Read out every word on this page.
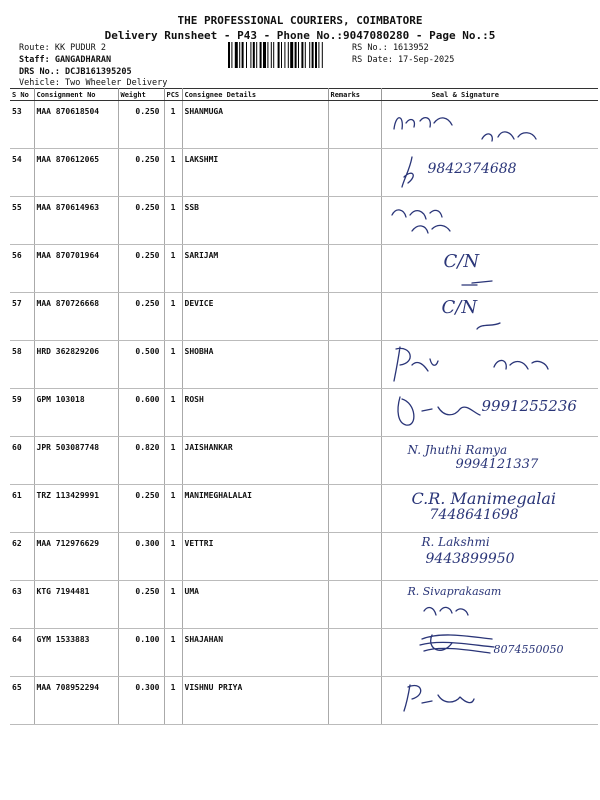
THE PROFESSIONAL COURIERS, COIMBATORE
Delivery Runsheet - P43 - Phone No.:9047080280 - Page No.:5
Route: KK PUDUR 2
Staff: GANGADHARAN
DRS No.: DCJB161395205
Vehicle: Two Wheeler Delivery
RS No.: 1613952
RS Date: 17-Sep-2025
S No	Consignment No	Weight	PCS	Consignee Details	Remarks	Seal & Signature
53	MAA 870618504	0.250	1	SHANMUGA		

54	MAA 870612065	0.250	1	LAKSHMI		9842374688

55	MAA 870614963	0.250	1	SSB		

56	MAA 870701964	0.250	1	SARIJAM		C/N

57	MAA 870726668	0.250	1	DEVICE		C/N

58	HRD 362829206	0.500	1	SHOBHA		

59	GPM 103018	0.600	1	ROSH		9991255236

60	JPR 503087748	0.820	1	JAISHANKAR		N. Jhuthi Ramya
9994121337

61	TRZ 113429991	0.250	1	MANIMEGHALALAI		C.R. Manimegalai
7448641698

62	MAA 712976629	0.300	1	VETTRI		R. Lakshmi
9443899950

63	KTG 7194481	0.250	1	UMA		R. Sivaprakasam

64	GYM 1533883	0.100	1	SHAJAHAN		8074550050

65	MAA 708952294	0.300	1	VISHNU PRIYA		
